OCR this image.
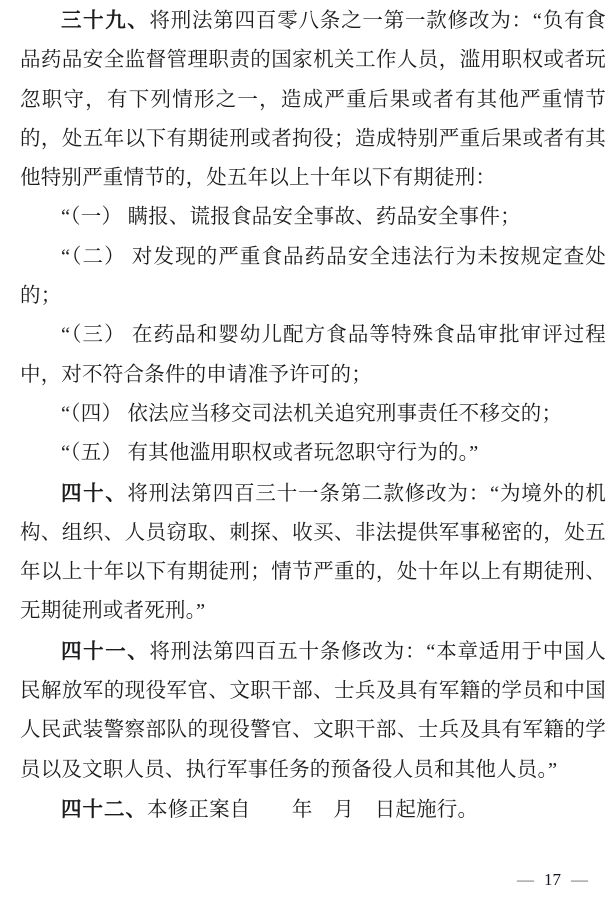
三十九、将刑法第四百零八条之一第一款修改为：“负有食品药品安全监督管理职责的国家机关工作人员，滥用职权或者玩忽职守，有下列情形之一，造成严重后果或者有其他严重情节的，处五年以下有期徒刑或者拘役；造成特别严重后果或者有其他特别严重情节的，处五年以上十年以下有期徒刑：

“（一） 瞒报、谎报食品安全事故、药品安全事件；

“（二） 对发现的严重食品药品安全违法行为未按规定查处的；

“（三） 在药品和婴幼儿配方食品等特殊食品审批审评过程中，对不符合条件的申请准予许可的；

“（四） 依法应当移交司法机关追究刑事责任不移交的；

“（五） 有其他滥用职权或者玩忽职守行为的。”

四十、将刑法第四百三十一条第二款修改为：“为境外的机构、组织、人员窃取、刺探、收买、非法提供军事秘密的，处五年以上十年以下有期徒刑；情节严重的，处十年以上有期徒刑、无期徒刑或者死刑。”

四十一、将刑法第四百五十条修改为：“本章适用于中国人民解放军的现役军官、文职干部、士兵及具有军籍的学员和中国人民武装警察部队的现役警官、文职干部、士兵及具有军籍的学员以及文职人员、执行军事任务的预备役人员和其他人员。”

四十二、本修正案自　　年　月　日起施行。

— 17 —
